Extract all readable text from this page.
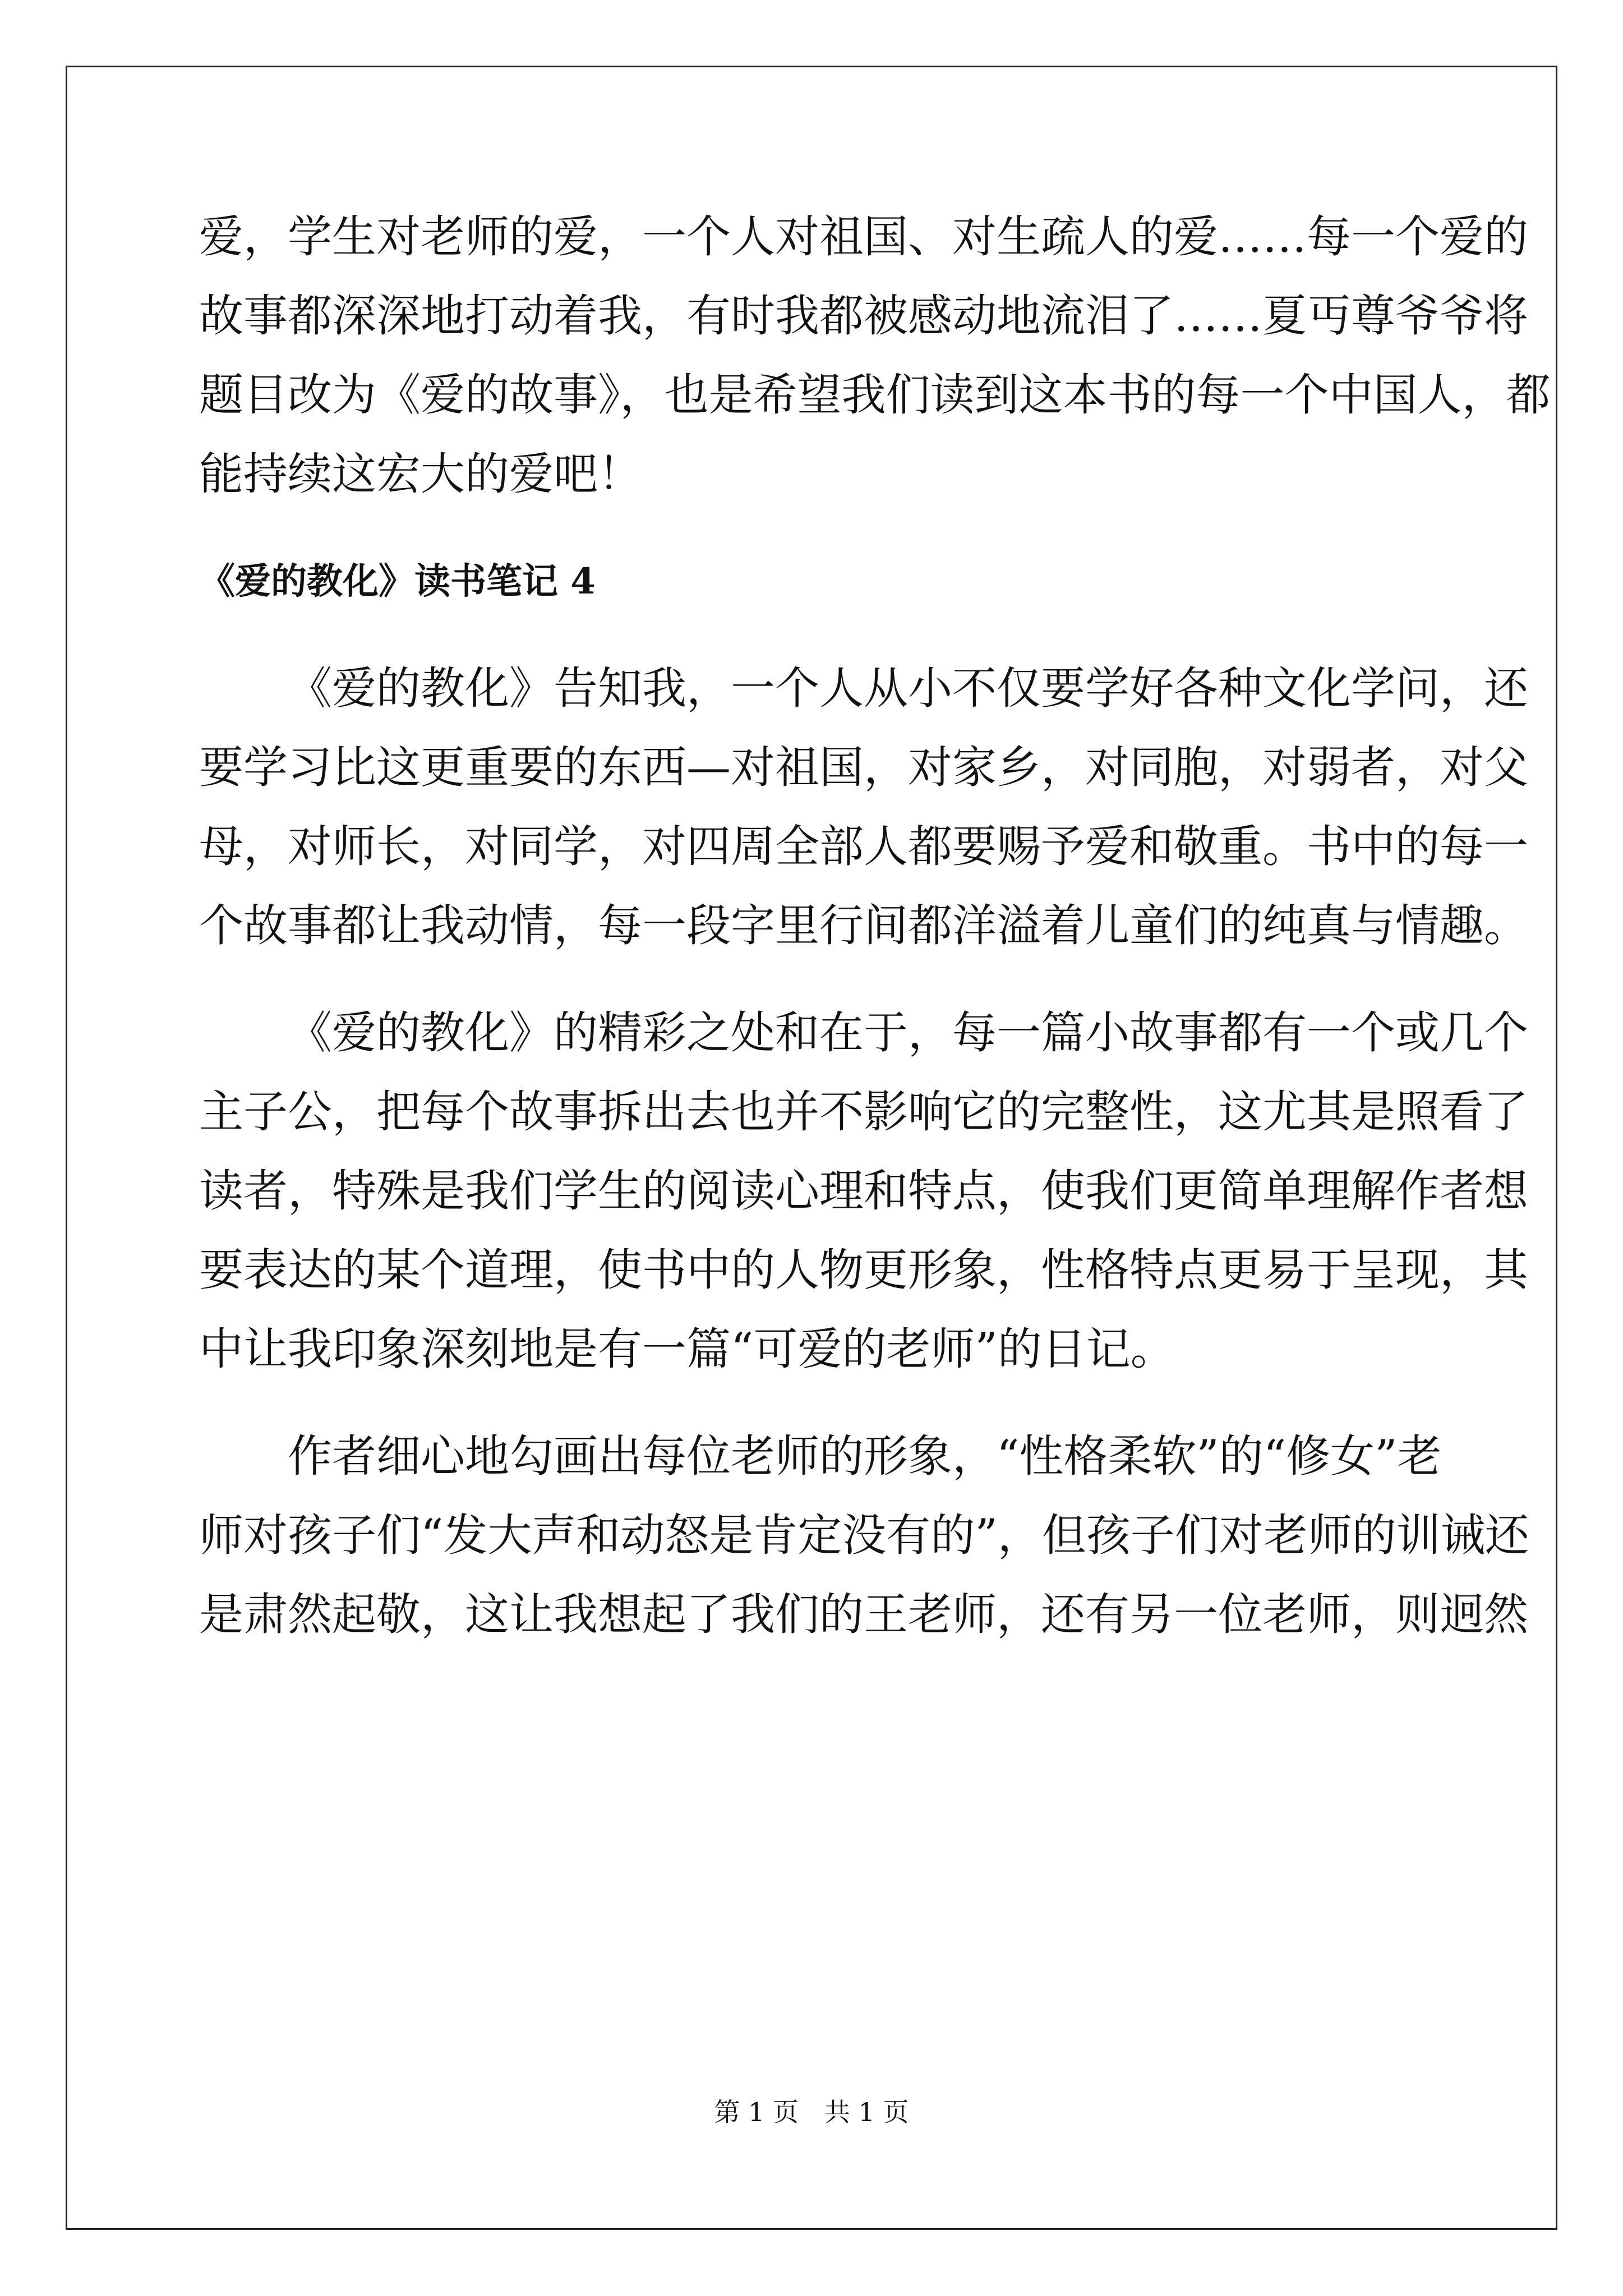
爱，学生对老师的爱，一个人对祖国、对生疏人的爱……每一个爱的

故事都深深地打动着我，有时我都被感动地流泪了……夏丏尊爷爷将

题目改为《爱的故事》，也是希望我们读到这本书的每一个中国人，都

能持续这宏大的爱吧！

《爱的教化》读书笔记 4

《爱的教化》告知我，一个人从小不仅要学好各种文化学问，还

要学习比这更重要的东西—对祖国，对家乡，对同胞，对弱者，对父

母，对师长，对同学，对四周全部人都要赐予爱和敬重。书中的每一

个故事都让我动情，每一段字里行间都洋溢着儿童们的纯真与情趣。

《爱的教化》的精彩之处和在于，每一篇小故事都有一个或几个

主子公，把每个故事拆出去也并不影响它的完整性，这尤其是照看了

读者，特殊是我们学生的阅读心理和特点，使我们更简单理解作者想

要表达的某个道理，使书中的人物更形象，性格特点更易于呈现，其

中让我印象深刻地是有一篇“可爱的老师”的日记。

作者细心地勾画出每位老师的形象，“性格柔软”的“修女”老

师对孩子们“发大声和动怒是肯定没有的”，但孩子们对老师的训诫还

是肃然起敬，这让我想起了我们的王老师，还有另一位老师，则迥然

第 1 页　共 1 页
